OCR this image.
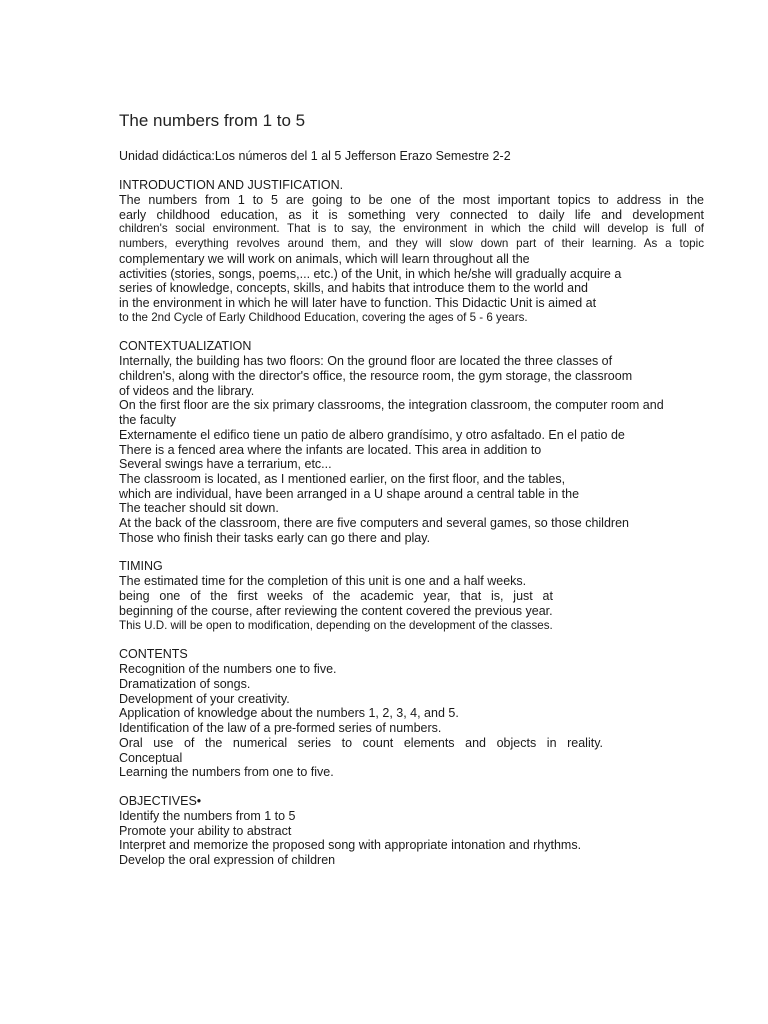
The numbers from 1 to 5
Unidad didáctica:Los números del 1 al 5 Jefferson Erazo Semestre 2-2
INTRODUCTION AND JUSTIFICATION.
The numbers from 1 to 5 are going to be one of the most important topics to address in the
early childhood education, as it is something very connected to daily life and development
children's social environment. That is to say, the environment in which the child will develop is full of
numbers, everything revolves around them, and they will slow down part of their learning. As a topic
complementary we will work on animals, which will learn throughout all the
activities (stories, songs, poems,... etc.) of the Unit, in which he/she will gradually acquire a
series of knowledge, concepts, skills, and habits that introduce them to the world and
in the environment in which he will later have to function. This Didactic Unit is aimed at
to the 2nd Cycle of Early Childhood Education, covering the ages of 5 - 6 years.
CONTEXTUALIZATION
Internally, the building has two floors: On the ground floor are located the three classes of
children's, along with the director's office, the resource room, the gym storage, the classroom
of videos and the library.
On the first floor are the six primary classrooms, the integration classroom, the computer room and
the faculty
Externamente el edifico tiene un patio de albero grandísimo, y otro asfaltado. En el patio de
There is a fenced area where the infants are located. This area in addition to
Several swings have a terrarium, etc...
The classroom is located, as I mentioned earlier, on the first floor, and the tables,
which are individual, have been arranged in a U shape around a central table in the
The teacher should sit down.
At the back of the classroom, there are five computers and several games, so those children
Those who finish their tasks early can go there and play.
TIMING
The estimated time for the completion of this unit is one and a half weeks.
being one of the first weeks of the academic year, that is, just at
beginning of the course, after reviewing the content covered the previous year.
This U.D. will be open to modification, depending on the development of the classes.
CONTENTS
Recognition of the numbers one to five.
Dramatization of songs.
Development of your creativity.
Application of knowledge about the numbers 1, 2, 3, 4, and 5.
Identification of the law of a pre-formed series of numbers.
Oral use of the numerical series to count elements and objects in reality.
Conceptual
Learning the numbers from one to five.
OBJECTIVES•
Identify the numbers from 1 to 5
Promote your ability to abstract
Interpret and memorize the proposed song with appropriate intonation and rhythms.
Develop the oral expression of children
